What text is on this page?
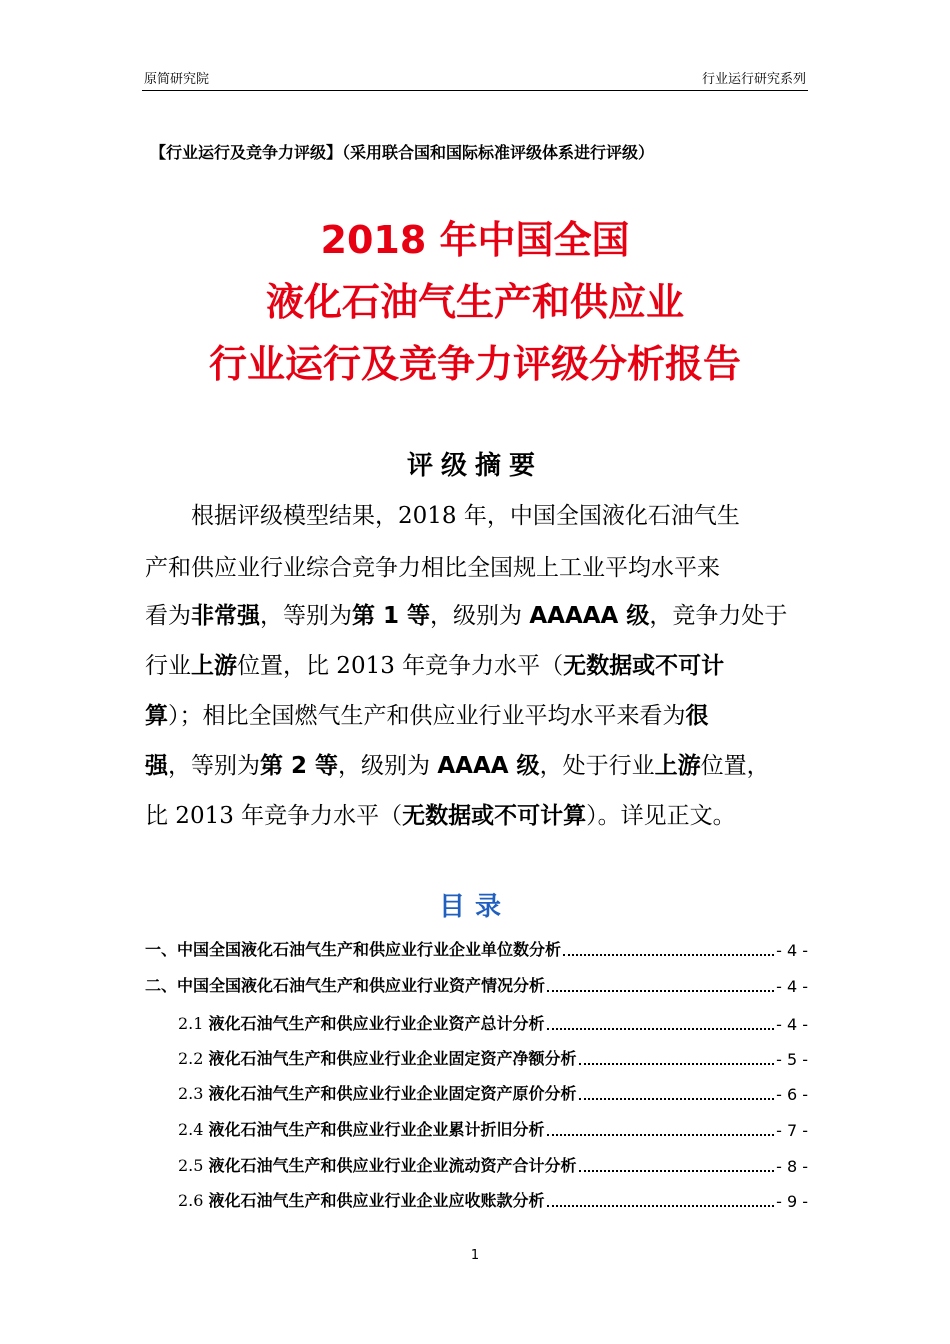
原简研究院	行业运行研究系列
【行业运行及竞争力评级】（采用联合国和国际标准评级体系进行评级）
2018 年中国全国
液化石油气生产和供应业
行业运行及竞争力评级分析报告
评级摘要
　　根据评级模型结果，2018 年，中国全国液化石油气生
产和供应业行业综合竞争力相比全国规上工业平均水平来
看为非常强，等别为第 1 等，级别为 AAAAA 级，竞争力处于
行业上游位置，比 2013 年竞争力水平（无数据或不可计
算）；相比全国燃气生产和供应业行业平均水平来看为很
强，等别为第 2 等，级别为 AAAA 级，处于行业上游位置，
比 2013 年竞争力水平（无数据或不可计算）。详见正文。
目录
一、中国全国液化石油气生产和供应业行业企业单位数分析	- 4 -
二、中国全国液化石油气生产和供应业行业资产情况分析	- 4 -
2.1 液化石油气生产和供应业行业企业资产总计分析	- 4 -
2.2 液化石油气生产和供应业行业企业固定资产净额分析	- 5 -
2.3 液化石油气生产和供应业行业企业固定资产原价分析	- 6 -
2.4 液化石油气生产和供应业行业企业累计折旧分析	- 7 -
2.5 液化石油气生产和供应业行业企业流动资产合计分析	- 8 -
2.6 液化石油气生产和供应业行业企业应收账款分析	- 9 -
1
